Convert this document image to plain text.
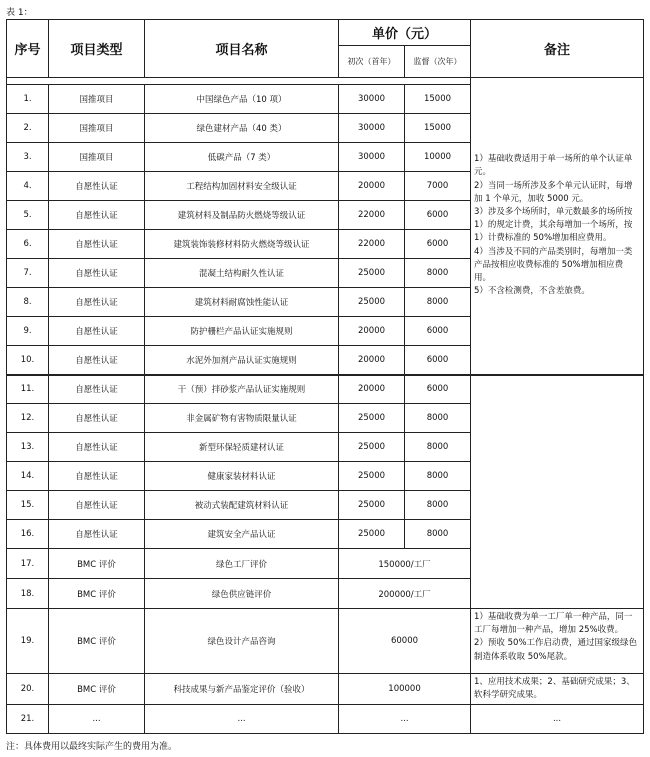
表 1：
序号	项目类型	项目名称	单价（元）		备注
			初次（首年）	监督（次年）	

					1）基础收费适用于单一场所的单个认证单元。
2）当同一场所涉及多个单元认证时，每增加 1 个单元，加收 5000 元。
3）涉及多个场所时，单元数最多的场所按 1）的规定计费，其余每增加一个场所，按 1）计费标准的 50%增加相应费用。
4）当涉及不同的产品类别时，每增加一类产品按相应收费标准的 50%增加相应费用。
5）不含检测费，不含差旅费。

1.	国推项目	中国绿色产品（10 项）	30000	15000	
2.	国推项目	绿色建材产品（40 类）	30000	15000	
3.	国推项目	低碳产品（7 类）	30000	10000	
4.	自愿性认证	工程结构加固材料安全级认证	20000	7000	
5.	自愿性认证	建筑材料及制品防火燃烧等级认证	22000	6000	
6.	自愿性认证	建筑装饰装修材料防火燃烧等级认证	22000	6000	
7.	自愿性认证	混凝土结构耐久性认证	25000	8000	
8.	自愿性认证	建筑材料耐腐蚀性能认证	25000	8000	
9.	自愿性认证	防护栅栏产品认证实施规则	20000	6000	
10.	自愿性认证	水泥外加剂产品认证实施规则	20000	6000	
11.	自愿性认证	干（预）拌砂浆产品认证实施规则	20000	6000	
12.	自愿性认证	非金属矿物有害物质限量认证	25000	8000	
13.	自愿性认证	新型环保轻质建材认证	25000	8000	
14.	自愿性认证	健康家装材料认证	25000	8000	
15.	自愿性认证	被动式装配建筑材料认证	25000	8000	
16.	自愿性认证	建筑安全产品认证	25000	8000	
17.	BMC 评价	绿色工厂评价	150000/工厂		
18.	BMC 评价	绿色供应链评价	200000/工厂		
19.	BMC 评价	绿色设计产品咨询	60000		1）基础收费为单一工厂单一种产品，同一工厂每增加一种产品，增加 25%收费。
2）预收 50%工作启动费，通过国家级绿色制造体系收取 50%尾款。

20.	BMC 评价	科技成果与新产品鉴定评价（验收）	100000		1、应用技术成果；2、基础研究成果；3、软科学研究成果。
21.	...	...	...		...
注：具体费用以最终实际产生的费用为准。
